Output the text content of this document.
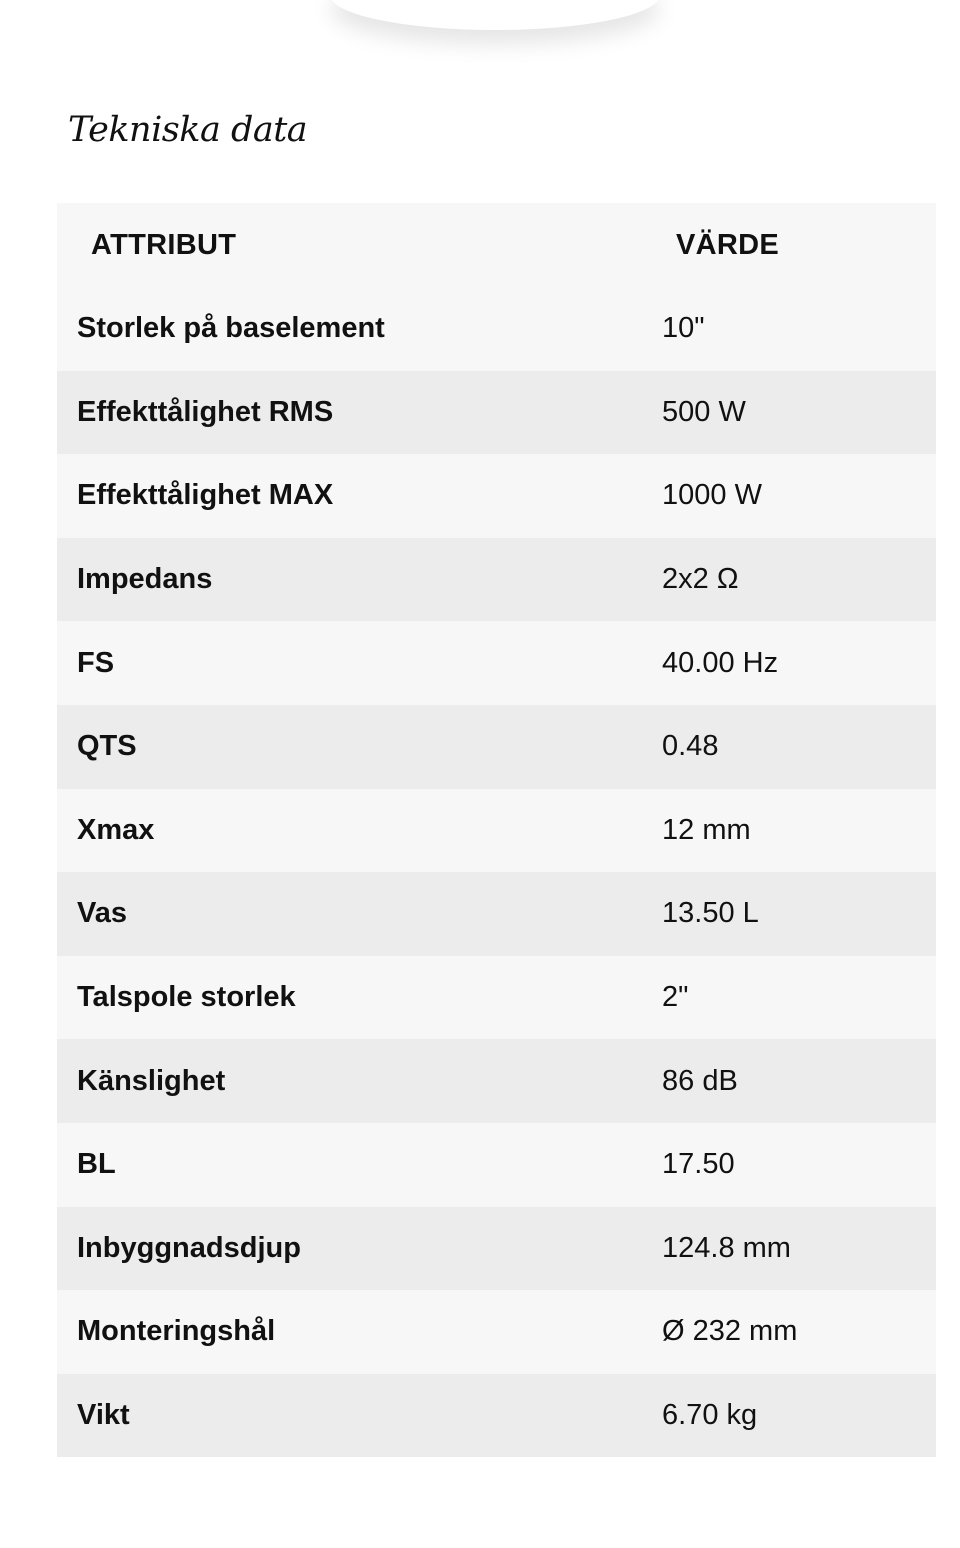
Tekniska data
ATTRIBUT	VÄRDE
Storlek på baselement	10"
Effekttålighet RMS	500 W
Effekttålighet MAX	1000 W
Impedans	2x2 Ω
FS	40.00 Hz
QTS	0.48
Xmax	12 mm
Vas	13.50 L
Talspole storlek	2"
Känslighet	86 dB
BL	17.50
Inbyggnadsdjup	124.8 mm
Monteringshål	Ø 232 mm
Vikt	6.70 kg
